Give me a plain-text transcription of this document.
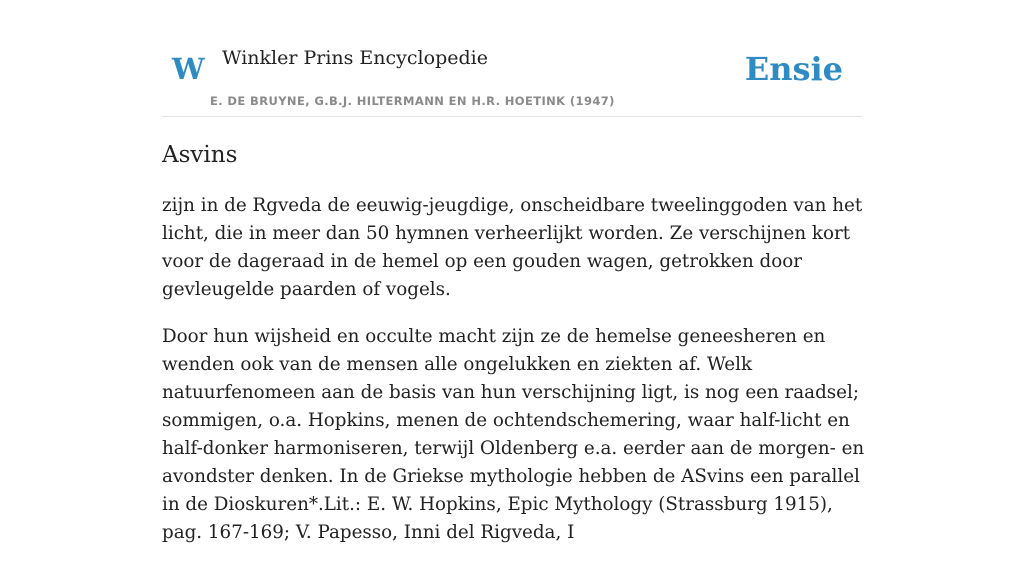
W Winkler Prins Encyclopedie
E. DE BRUYNE, G.B.J. HILTERMANN EN H.R. HOETINK (1947)
Ensie
Asvins

zijn in de Rgveda de eeuwig-jeugdige, onscheidbare tweelinggoden van het licht, die in meer dan 50 hymnen verheerlijkt worden. Ze verschijnen kort voor de dageraad in de hemel op een gouden wagen, getrokken door gevleugelde paarden of vogels.

Door hun wijsheid en occulte macht zijn ze de hemelse geneesheren en wenden ook van de mensen alle ongelukken en ziekten af. Welk natuurfenomeen aan de basis van hun verschijning ligt, is nog een raadsel; sommigen, o.a. Hopkins, menen de ochtendschemering, waar half-licht en half-donker harmoniseren, terwijl Oldenberg e.a. eerder aan de morgen- en avondster denken. In de Griekse mythologie hebben de ASvins een parallel in de Dioskuren*.Lit.: E. W. Hopkins, Epic Mythology (Strassburg 1915), pag. 167-169; V. Papesso, Inni del Rigveda, I
